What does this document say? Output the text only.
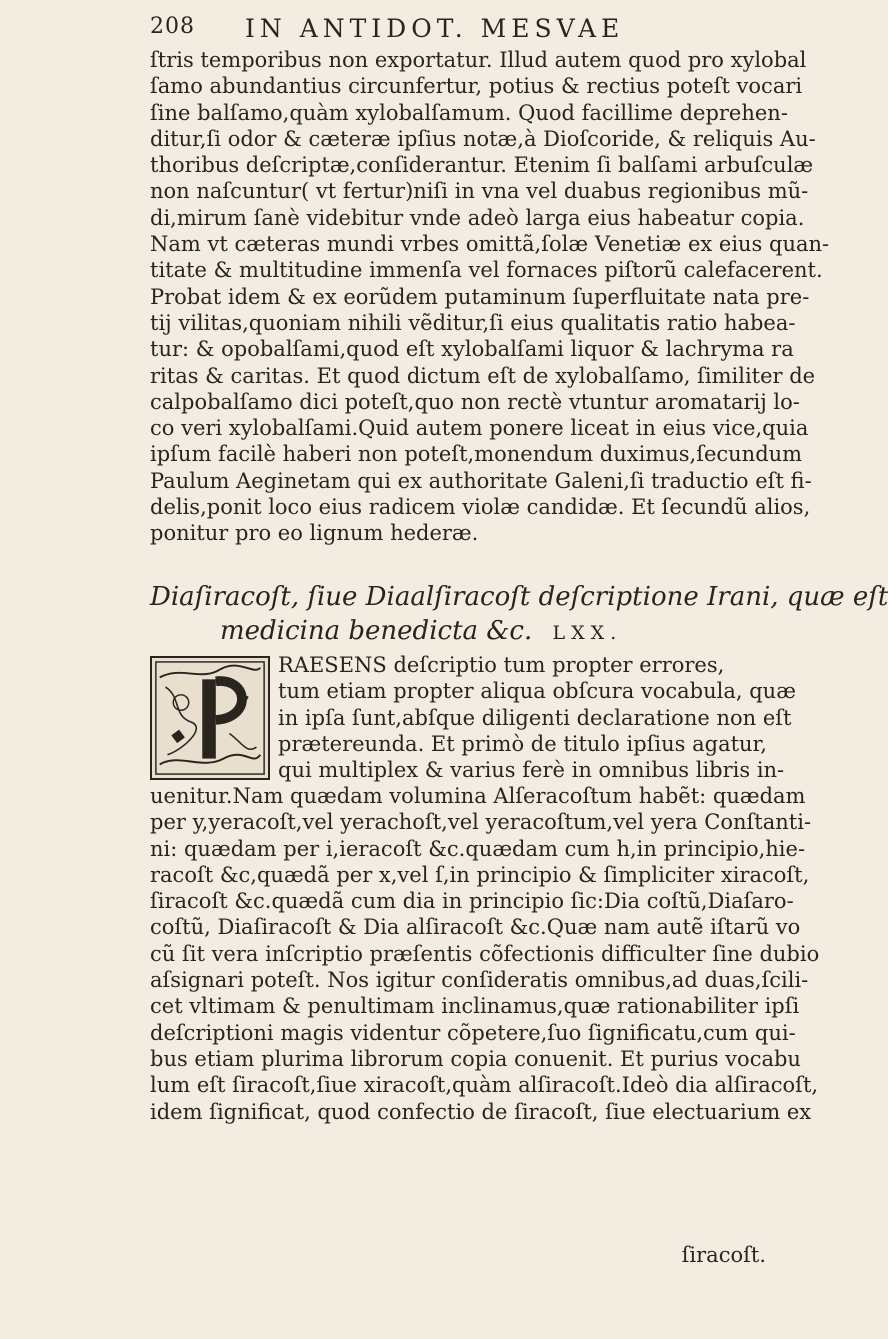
208 IN ANTIDOT. MESVAE
ſtris temporibus non exportatur. Illud autem quod pro xylobal
ſamo abundantius circunfertur, potius & rectius poteſt vocari
ſine balſamo,quàm xylobalſamum. Quod facillime deprehen-
ditur,ſi odor & cæteræ ipſius notæ,à Dioſcoride, & reliquis Au-
thoribus deſcriptæ,conſiderantur. Etenim ſi balſami arbuſculæ
non naſcuntur( vt fertur)niſi in vna vel duabus regionibus mũ-
di,mirum ſanè videbitur vnde adeò larga eius habeatur copia.
Nam vt cæteras mundi vrbes omittã,ſolæ Venetiæ ex eius quan-
titate & multitudine immenſa vel fornaces piſtorũ calefacerent.
Probat idem & ex eorũdem putaminum ſuperfluitate nata pre-
tij vilitas,quoniam nihili vẽditur,ſi eius qualitatis ratio habea-
tur: & opobalſami,quod eſt xylobalſami liquor & lachryma ra
ritas & caritas. Et quod dictum eſt de xylobalſamo, ſimiliter de
calpobalſamo dici poteſt,quo non rectè vtuntur aromatarij lo-
co veri xylobalſami.Quid autem ponere liceat in eius vice,quia
ipſum facilè haberi non poteſt,monendum duximus,ſecundum
Paulum Aeginetam qui ex authoritate Galeni,ſi traductio eſt fi-
delis,ponit loco eius radicem violæ candidæ. Et ſecundũ alios,
ponitur pro eo lignum hederæ.
Diaſiracoſt, ſiue Diaalſiracoſt deſcriptione Irani, quæ eſt
medicina benedicta &c. LXX.
RAESENS deſcriptio tum propter errores,
tum etiam propter aliqua obſcura vocabula, quæ
in ipſa ſunt,abſque diligenti declaratione non eſt
prætereunda. Et primò de titulo ipſius agatur,
qui multiplex & varius ferè in omnibus libris in-
uenitur.Nam quædam volumina Alſeracoſtum habẽt: quædam
per y,yeracoſt,vel yerachoſt,vel yeracoſtum,vel yera Conſtanti-
ni: quædam per i,ieracoſt &c.quædam cum h,in principio,hie-
racoſt &c,quædã per x,vel ſ,in principio & ſimpliciter xiracoſt,
ſiracoſt &c.quædã cum dia in principio ſic:Dia coſtũ,Diaſaro-
coſtũ, Diaſiracoſt & Dia alſiracoſt &c.Quæ nam autẽ iſtarũ vo
cũ ſit vera inſcriptio præſentis cõfectionis difficulter ſine dubio
aſsignari poteſt. Nos igitur conſideratis omnibus,ad duas,ſcili-
cet vltimam & penultimam inclinamus,quæ rationabiliter ipſi
deſcriptioni magis videntur cõpetere,ſuo ſignificatu,cum qui-
bus etiam plurima librorum copia conuenit. Et purius vocabu
lum eſt ſiracoſt,ſiue xiracoſt,quàm alſiracoſt.Ideò dia alſiracoſt,
idem ſignificat, quod confectio de ſiracoſt, ſiue electuarium ex
ſiracoſt.
